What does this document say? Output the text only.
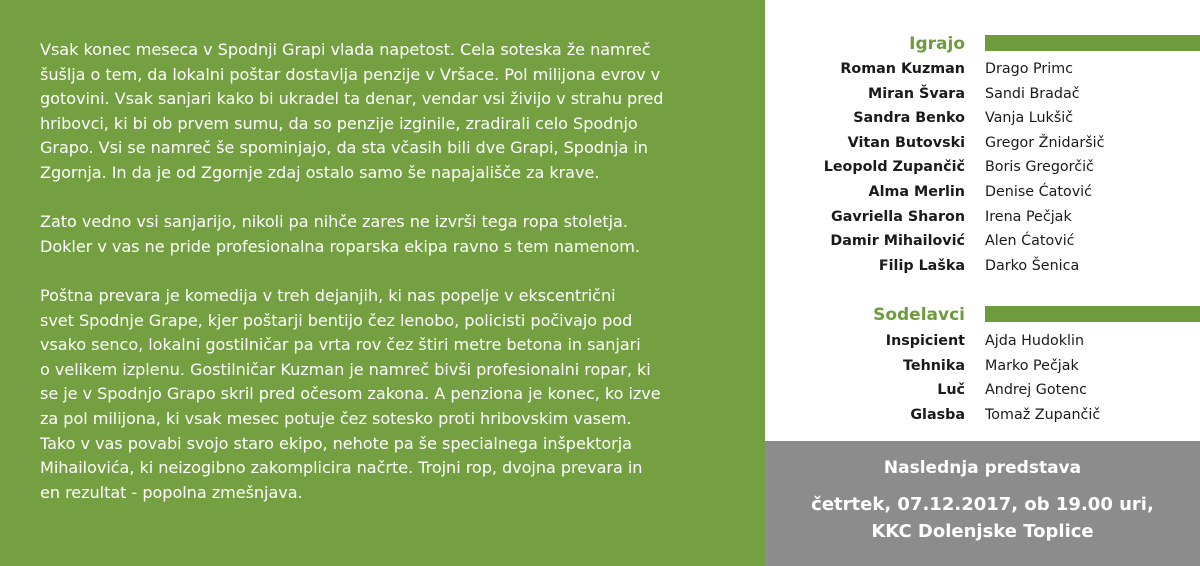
Vsak konec meseca v Spodnji Grapi vlada napetost. Cela soteska že namreč
šušlja o tem, da lokalni poštar dostavlja penzije v Vršace. Pol milijona evrov v
gotovini. Vsak sanjari kako bi ukradel ta denar, vendar vsi živijo v strahu pred
hribovci, ki bi ob prvem sumu, da so penzije izginile, zradirali celo Spodnjo
Grapo. Vsi se namreč še spominjajo, da sta včasih bili dve Grapi, Spodnja in
Zgornja. In da je od Zgornje zdaj ostalo samo še napajališče za krave.

Zato vedno vsi sanjarijo, nikoli pa nihče zares ne izvrši tega ropa stoletja.
Dokler v vas ne pride profesionalna roparska ekipa ravno s tem namenom.

Poštna prevara je komedija v treh dejanjih, ki nas popelje v ekscentrični
svet Spodnje Grape, kjer poštarji bentijo čez lenobo, policisti počivajo pod
vsako senco, lokalni gostilničar pa vrta rov čez štiri metre betona in sanjari
o velikem izplenu. Gostilničar Kuzman je namreč bivši profesionalni ropar, ki
se je v Spodnjo Grapo skril pred očesom zakona. A penziona je konec, ko izve
za pol milijona, ki vsak mesec potuje čez sotesko proti hribovskim vasem.
Tako v vas povabi svojo staro ekipo, nehote pa še specialnega inšpektorja
Mihailovića, ki neizogibno zakomplicira načrte. Trojni rop, dvojna prevara in
en rezultat - popolna zmešnjava.

Igrajo
Roman Kuzman Drago Primc
Miran Švara Sandi Bradač
Sandra Benko Vanja Lukšič
Vitan Butovski Gregor Žnidaršič
Leopold Zupančič Boris Gregorčič
Alma Merlin Denise Ćatović
Gavriella Sharon Irena Pečjak
Damir Mihailović Alen Ćatović
Filip Laška Darko Šenica
Sodelavci
Inspicient Ajda Hudoklin
Tehnika Marko Pečjak
Luč Andrej Gotenc
Glasba Tomaž Zupančič
Naslednja predstava
četrtek, 07.12.2017, ob 19.00 uri,
KKC Dolenjske Toplice
